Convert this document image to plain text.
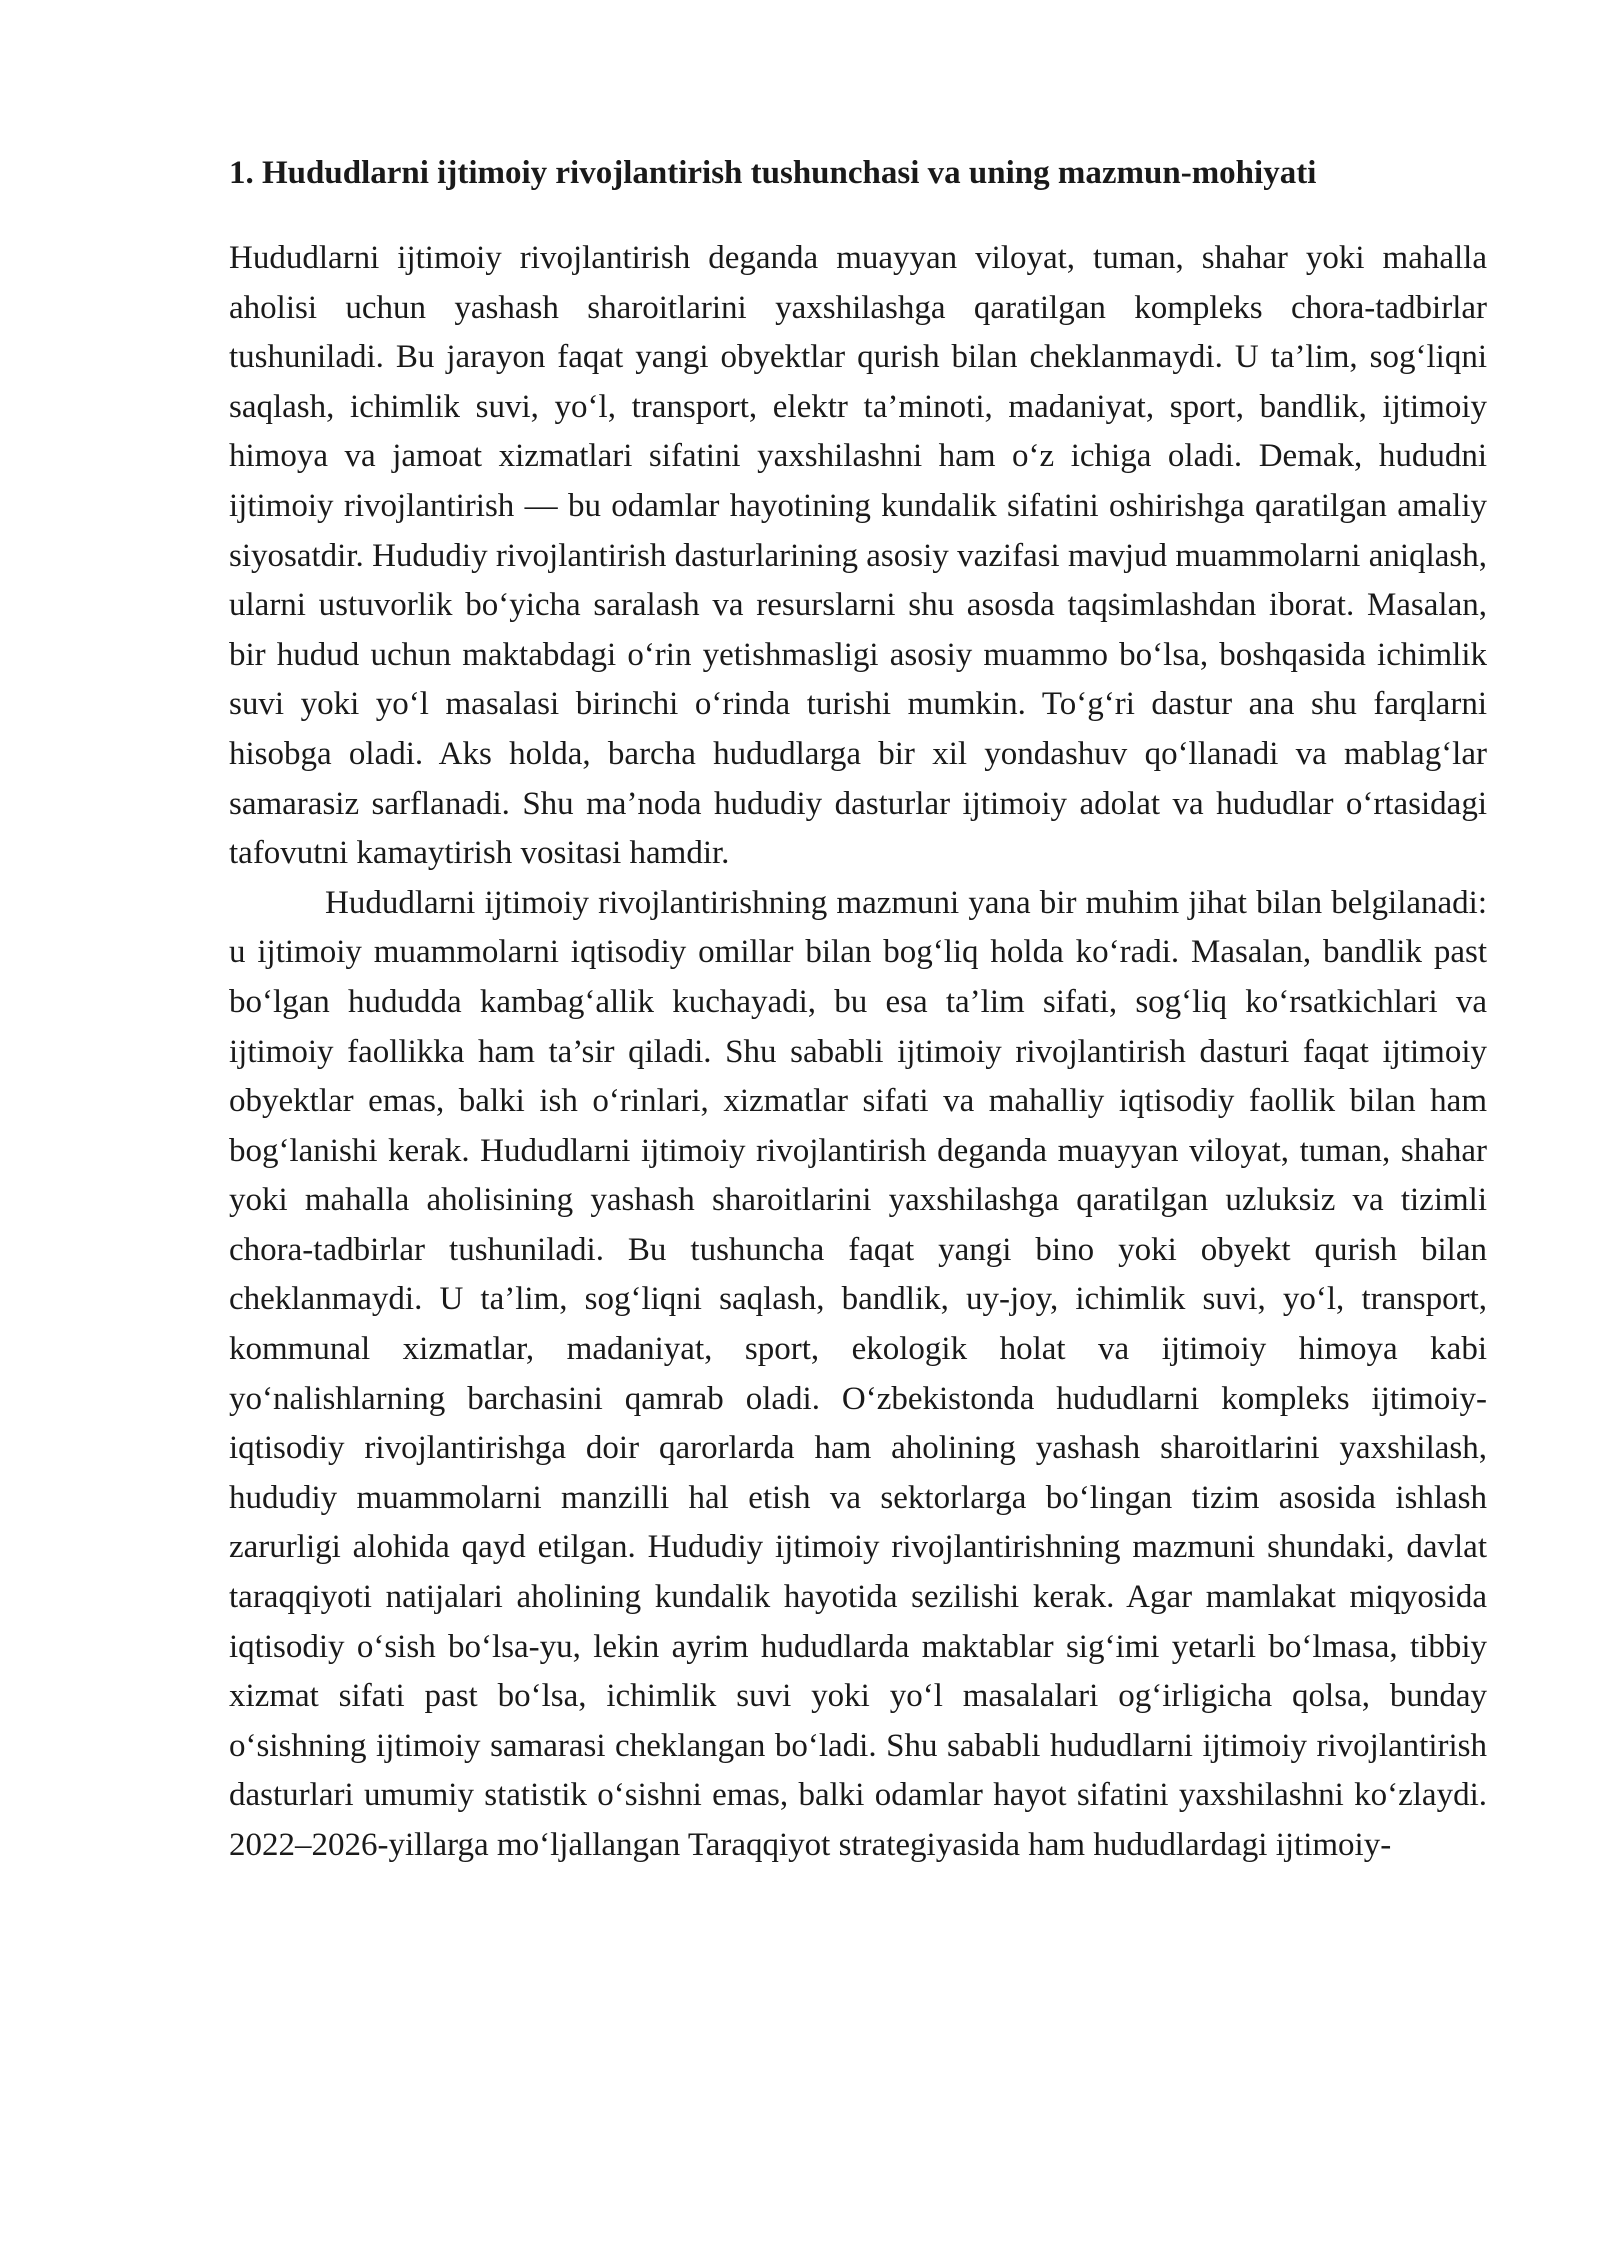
1. Hududlarni ijtimoiy rivojlantirish tushunchasi va uning mazmun-mohiyati

Hududlarni ijtimoiy rivojlantirish deganda muayyan viloyat, tuman, shahar yoki mahalla aholisi uchun yashash sharoitlarini yaxshilashga qaratilgan kompleks chora-tadbirlar tushuniladi. Bu jarayon faqat yangi obyektlar qurish bilan cheklanmaydi. U ta’lim, sog‘liqni saqlash, ichimlik suvi, yo‘l, transport, elektr ta’minoti, madaniyat, sport, bandlik, ijtimoiy himoya va jamoat xizmatlari sifatini yaxshilashni ham o‘z ichiga oladi. Demak, hududni ijtimoiy rivojlantirish — bu odamlar hayotining kundalik sifatini oshirishga qaratilgan amaliy siyosatdir. Hududiy rivojlantirish dasturlarining asosiy vazifasi mavjud muammolarni aniqlash, ularni ustuvorlik bo‘yicha saralash va resurslarni shu asosda taqsimlashdan iborat. Masalan, bir hudud uchun maktabdagi o‘rin yetishmasligi asosiy muammo bo‘lsa, boshqasida ichimlik suvi yoki yo‘l masalasi birinchi o‘rinda turishi mumkin. To‘g‘ri dastur ana shu farqlarni hisobga oladi. Aks holda, barcha hududlarga bir xil yondashuv qo‘llanadi va mablag‘lar samarasiz sarflanadi. Shu ma’noda hududiy dasturlar ijtimoiy adolat va hududlar o‘rtasidagi tafovutni kamaytirish vositasi hamdir.

Hududlarni ijtimoiy rivojlantirishning mazmuni yana bir muhim jihat bilan belgilanadi: u ijtimoiy muammolarni iqtisodiy omillar bilan bog‘liq holda ko‘radi. Masalan, bandlik past bo‘lgan hududda kambag‘allik kuchayadi, bu esa ta’lim sifati, sog‘liq ko‘rsatkichlari va ijtimoiy faollikka ham ta’sir qiladi. Shu sababli ijtimoiy rivojlantirish dasturi faqat ijtimoiy obyektlar emas, balki ish o‘rinlari, xizmatlar sifati va mahalliy iqtisodiy faollik bilan ham bog‘lanishi kerak. Hududlarni ijtimoiy rivojlantirish deganda muayyan viloyat, tuman, shahar yoki mahalla aholisining yashash sharoitlarini yaxshilashga qaratilgan uzluksiz va tizimli chora-tadbirlar tushuniladi. Bu tushuncha faqat yangi bino yoki obyekt qurish bilan cheklanmaydi. U ta’lim, sog‘liqni saqlash, bandlik, uy-joy, ichimlik suvi, yo‘l, transport, kommunal xizmatlar, madaniyat, sport, ekologik holat va ijtimoiy himoya kabi yo‘nalishlarning barchasini qamrab oladi. O‘zbekistonda hududlarni kompleks ijtimoiy-iqtisodiy rivojlantirishga doir qarorlarda ham aholining yashash sharoitlarini yaxshilash, hududiy muammolarni manzilli hal etish va sektorlarga bo‘lingan tizim asosida ishlash zarurligi alohida qayd etilgan. Hududiy ijtimoiy rivojlantirishning mazmuni shundaki, davlat taraqqiyoti natijalari aholining kundalik hayotida sezilishi kerak. Agar mamlakat miqyosida iqtisodiy o‘sish bo‘lsa-yu, lekin ayrim hududlarda maktablar sig‘imi yetarli bo‘lmasa, tibbiy xizmat sifati past bo‘lsa, ichimlik suvi yoki yo‘l masalalari og‘irligicha qolsa, bunday o‘sishning ijtimoiy samarasi cheklangan bo‘ladi. Shu sababli hududlarni ijtimoiy rivojlantirish dasturlari umumiy statistik o‘sishni emas, balki odamlar hayot sifatini yaxshilashni ko‘zlaydi. 2022–2026-yillarga mo‘ljallangan Taraqqiyot strategiyasida ham hududlardagi ijtimoiy-
